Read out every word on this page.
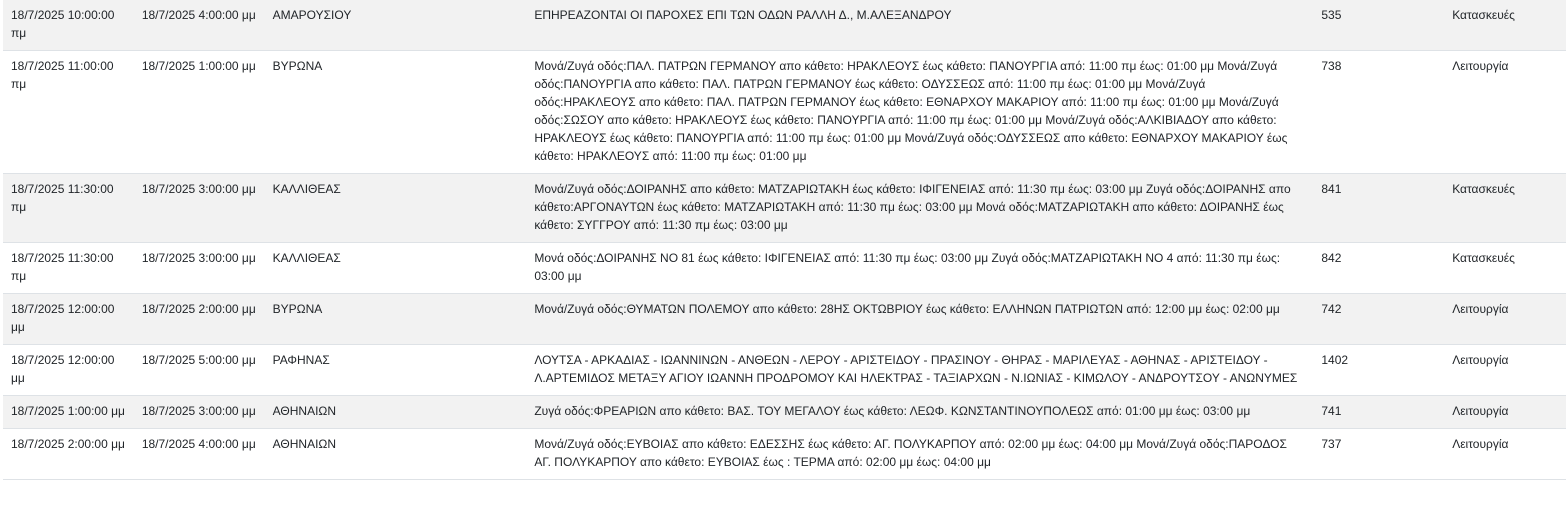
18/7/2025 10:00:00 πμ	18/7/2025 4:00:00 μμ	ΑΜΑΡΟΥΣΙΟΥ	ΕΠΗΡΕΑΖΟΝΤΑΙ ΟΙ ΠΑΡΟΧΕΣ ΕΠΙ ΤΩΝ ΟΔΩΝ ΡΑΛΛΗ Δ., Μ.ΑΛΕΞΑΝΔΡΟΥ	535	Κατασκευές
18/7/2025 11:00:00 πμ	18/7/2025 1:00:00 μμ	ΒΥΡΩΝΑ	Μονά/Ζυγά οδός:ΠΑΛ. ΠΑΤΡΩΝ ΓΕΡΜΑΝΟΥ απο κάθετο: ΗΡΑΚΛΕΟΥΣ έως κάθετο: ΠΑΝΟΥΡΓΙΑ από: 11:00 πμ έως: 01:00 μμ Μονά/Ζυγά οδός:ΠΑΝΟΥΡΓΙΑ απο κάθετο: ΠΑΛ. ΠΑΤΡΩΝ ΓΕΡΜΑΝΟΥ έως κάθετο: ΟΔΥΣΣΕΩΣ από: 11:00 πμ έως: 01:00 μμ Μονά/Ζυγά οδός:ΗΡΑΚΛΕΟΥΣ απο κάθετο: ΠΑΛ. ΠΑΤΡΩΝ ΓΕΡΜΑΝΟΥ έως κάθετο: ΕΘΝΑΡΧΟΥ ΜΑΚΑΡΙΟΥ από: 11:00 πμ έως: 01:00 μμ Μονά/Ζυγά οδός:ΣΩΣΟΥ απο κάθετο: ΗΡΑΚΛΕΟΥΣ έως κάθετο: ΠΑΝΟΥΡΓΙΑ από: 11:00 πμ έως: 01:00 μμ Μονά/Ζυγά οδός:ΑΛΚΙΒΙΑΔΟΥ απο κάθετο: ΗΡΑΚΛΕΟΥΣ έως κάθετο: ΠΑΝΟΥΡΓΙΑ από: 11:00 πμ έως: 01:00 μμ Μονά/Ζυγά οδός:ΟΔΥΣΣΕΩΣ απο κάθετο: ΕΘΝΑΡΧΟΥ ΜΑΚΑΡΙΟΥ έως κάθετο: ΗΡΑΚΛΕΟΥΣ από: 11:00 πμ έως: 01:00 μμ	738	Λειτουργία
18/7/2025 11:30:00 πμ	18/7/2025 3:00:00 μμ	ΚΑΛΛΙΘΕΑΣ	Μονά/Ζυγά οδός:ΔΟΙΡΑΝΗΣ απο κάθετο: ΜΑΤΖΑΡΙΩΤΑΚΗ έως κάθετο: ΙΦΙΓΕΝΕΙΑΣ από: 11:30 πμ έως: 03:00 μμ Ζυγά οδός:ΔΟΙΡΑΝΗΣ απο κάθετο:ΑΡΓΟΝΑΥΤΩΝ έως κάθετο: ΜΑΤΖΑΡΙΩΤΑΚΗ από: 11:30 πμ έως: 03:00 μμ Μονά οδός:ΜΑΤΖΑΡΙΩΤΑΚΗ απο κάθετο: ΔΟΙΡΑΝΗΣ έως κάθετο: ΣΥΓΓΡΟΥ από: 11:30 πμ έως: 03:00 μμ	841	Κατασκευές
18/7/2025 11:30:00 πμ	18/7/2025 3:00:00 μμ	ΚΑΛΛΙΘΕΑΣ	Μονά οδός:ΔΟΙΡΑΝΗΣ ΝΟ 81 έως κάθετο: ΙΦΙΓΕΝΕΙΑΣ από: 11:30 πμ έως: 03:00 μμ Ζυγά οδός:ΜΑΤΖΑΡΙΩΤΑΚΗ ΝΟ 4 από: 11:30 πμ έως: 03:00 μμ	842	Κατασκευές
18/7/2025 12:00:00 μμ	18/7/2025 2:00:00 μμ	ΒΥΡΩΝΑ	Μονά/Ζυγά οδός:ΘΥΜΑΤΩΝ ΠΟΛΕΜΟΥ απο κάθετο: 28ΗΣ ΟΚΤΩΒΡΙΟΥ έως κάθετο: ΕΛΛΗΝΩΝ ΠΑΤΡΙΩΤΩΝ από: 12:00 μμ έως: 02:00 μμ	742	Λειτουργία
18/7/2025 12:00:00 μμ	18/7/2025 5:00:00 μμ	ΡΑΦΗΝΑΣ	ΛΟΥΤΣΑ - ΑΡΚΑΔΙΑΣ - ΙΩΑΝΝΙΝΩΝ - ΑΝΘΕΩΝ - ΛΕΡΟΥ - ΑΡΙΣΤΕΙΔΟΥ - ΠΡΑΣΙΝΟΥ - ΘΗΡΑΣ - ΜΑΡΙΛΕΥΑΣ - ΑΘΗΝΑΣ - ΑΡΙΣΤΕΙΔΟΥ - Λ.ΑΡΤΕΜΙΔΟΣ ΜΕΤΑΞΥ ΑΓΙΟΥ ΙΩΑΝΝΗ ΠΡΟΔΡΟΜΟΥ ΚΑΙ ΗΛΕΚΤΡΑΣ - ΤΑΞΙΑΡΧΩΝ - Ν.ΙΩΝΙΑΣ - ΚΙΜΩΛΟΥ - ΑΝΔΡΟΥΤΣΟΥ - ΑΝΩΝΥΜΕΣ	1402	Λειτουργία
18/7/2025 1:00:00 μμ	18/7/2025 3:00:00 μμ	ΑΘΗΝΑΙΩΝ	Ζυγά οδός:ΦΡΕΑΡΙΩΝ απο κάθετο: ΒΑΣ. ΤΟΥ ΜΕΓΑΛΟΥ έως κάθετο: ΛΕΩΦ. ΚΩΝΣΤΑΝΤΙΝΟΥΠΟΛΕΩΣ από: 01:00 μμ έως: 03:00 μμ	741	Λειτουργία
18/7/2025 2:00:00 μμ	18/7/2025 4:00:00 μμ	ΑΘΗΝΑΙΩΝ	Μονά/Ζυγά οδός:ΕΥΒΟΙΑΣ απο κάθετο: ΕΔΕΣΣΗΣ έως κάθετο: ΑΓ. ΠΟΛΥΚΑΡΠΟΥ από: 02:00 μμ έως: 04:00 μμ Μονά/Ζυγά οδός:ΠΑΡΟΔΟΣ ΑΓ. ΠΟΛΥΚΑΡΠΟΥ απο κάθετο: ΕΥΒΟΙΑΣ έως : ΤΕΡΜΑ από: 02:00 μμ έως: 04:00 μμ	737	Λειτουργία
